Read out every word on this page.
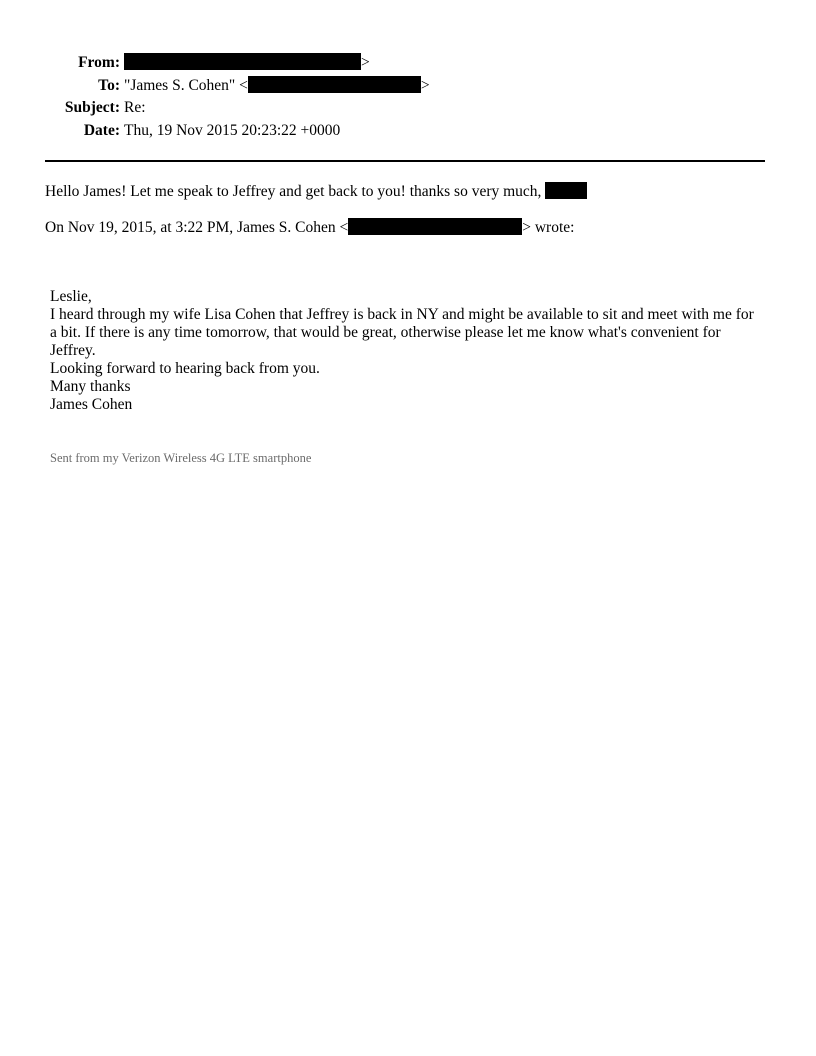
From:	>
To: "James S. Cohen" <	>
Subject: Re:
Date: Thu, 19 Nov 2015 20:23:22 +0000
Hello James! Let me speak to Jeffrey and get back to you! thanks so very much,
On Nov 19, 2015, at 3:22 PM, James S. Cohen <	> wrote:
Leslie,
I heard through my wife Lisa Cohen that Jeffrey is back in NY and might be available to sit and meet with me for a bit. If there is any time tomorrow, that would be great, otherwise please let me know what's convenient for Jeffrey.
Looking forward to hearing back from you.
Many thanks
James Cohen
Sent from my Verizon Wireless 4G LTE smartphone
